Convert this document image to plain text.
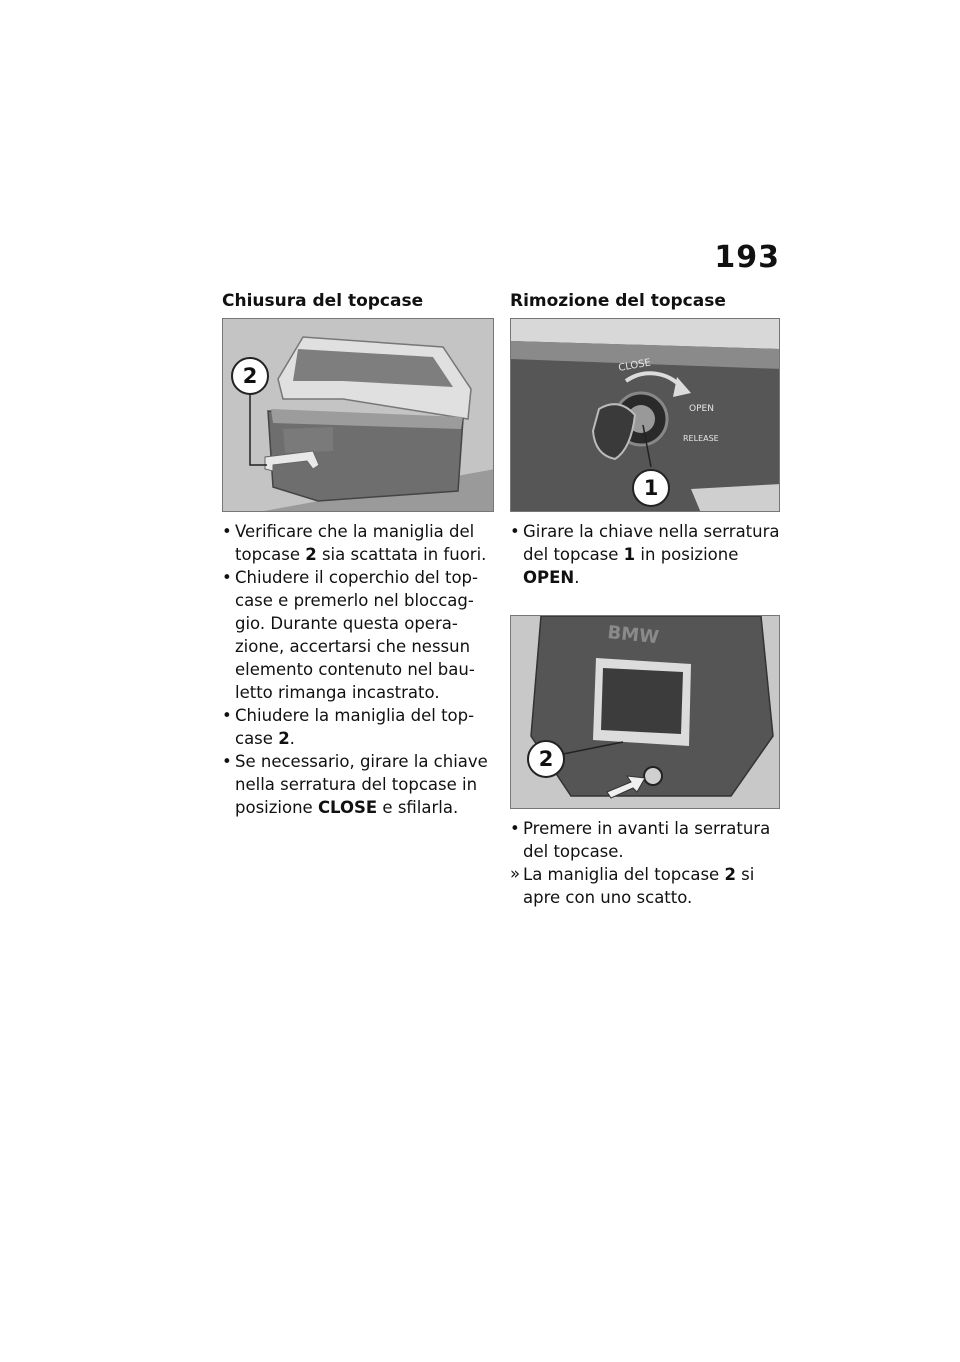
193
Chiusura del topcase
2
• Verificare che la maniglia del topcase 2 sia scattata in fuori.
• Chiudere il coperchio del top-case e premerlo nel bloccag-gio. Durante questa opera-zione, accertarsi che nessun elemento contenuto nel bau-letto rimanga incastrato.
• Chiudere la maniglia del top-case 2.
• Se necessario, girare la chiave nella serratura del topcase in posizione CLOSE e sfilarla.
Rimozione del topcase
CLOSE
OPEN
RELEASE
1
• Girare la chiave nella serratura del topcase 1 in posizione OPEN.
BMW
2
• Premere in avanti la serratura del topcase.
» La maniglia del topcase 2 si apre con uno scatto.
